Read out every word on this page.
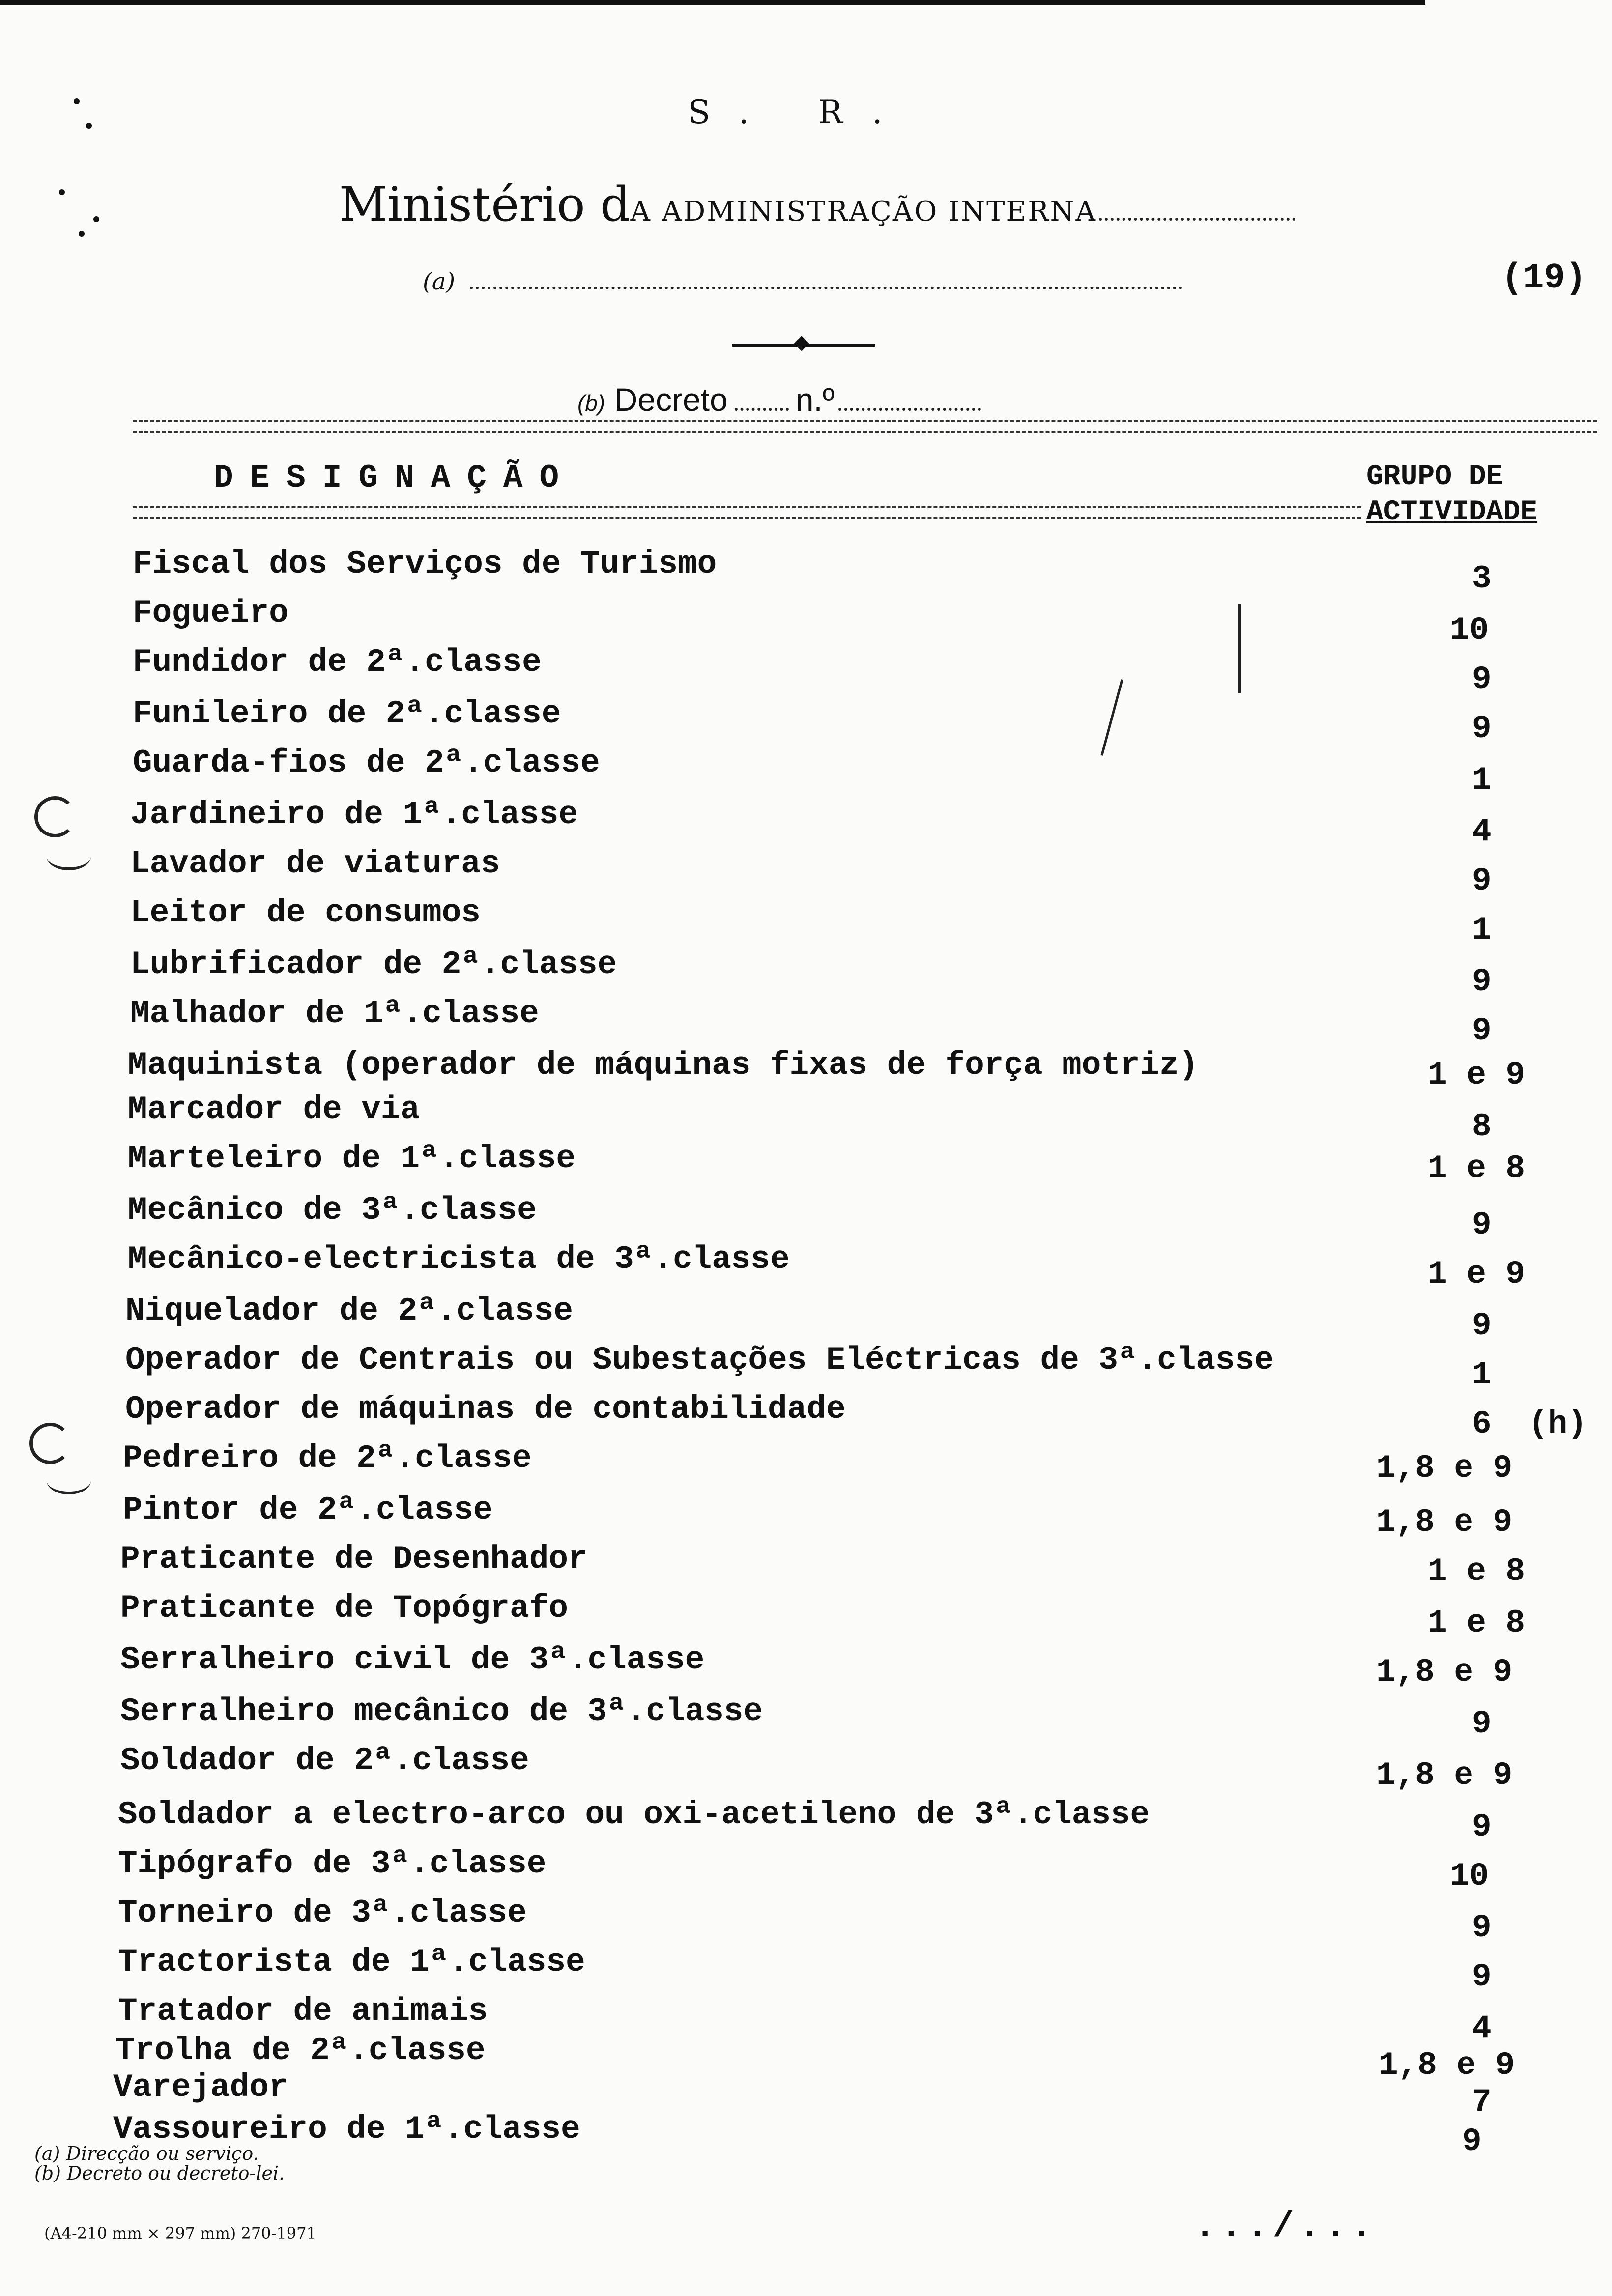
S. R.
Ministério dA ADMINISTRAÇÃO INTERNA
(a)	(19)
(b) Decreto n.º
DESIGNAÇÃO	GRUPO DE
ACTIVIDADE
Fiscal dos Serviços de Turismo	3
Fogueiro	10
Fundidor de 2ª.classe	9
Funileiro de 2ª.classe	9
Guarda-fios de 2ª.classe	1
Jardineiro de 1ª.classe	4
Lavador de viaturas	9
Leitor de consumos	1
Lubrificador de 2ª.classe	9
Malhador de 1ª.classe	9
Maquinista (operador de máquinas fixas de força motriz)	1 e 9
Marcador de via	8
Marteleiro de 1ª.classe	1 e 8
Mecânico de 3ª.classe	9
Mecânico-electricista de 3ª.classe	1 e 9
Niquelador de 2ª.classe	9
Operador de Centrais ou Subestações Eléctricas de 3ª.classe	1
Operador de máquinas de contabilidade	6 (h)
Pedreiro de 2ª.classe	1,8 e 9
Pintor de 2ª.classe	1,8 e 9
Praticante de Desenhador	1 e 8
Praticante de Topógrafo	1 e 8
Serralheiro civil de 3ª.classe	1,8 e 9
Serralheiro mecânico de 3ª.classe	9
Soldador de 2ª.classe	1,8 e 9
Soldador a electro-arco ou oxi-acetileno de 3ª.classe	9
Tipógrafo de 3ª.classe	10
Torneiro de 3ª.classe	9
Tractorista de 1ª.classe	9
Tratador de animais	4
Trolha de 2ª.classe	1,8 e 9
Varejador	7
Vassoureiro de 1ª.classe	9
(a) Direcção ou serviço.
(b) Decreto ou decreto-lei.
(A4-210 mm × 297 mm) 270-1971	.../...
